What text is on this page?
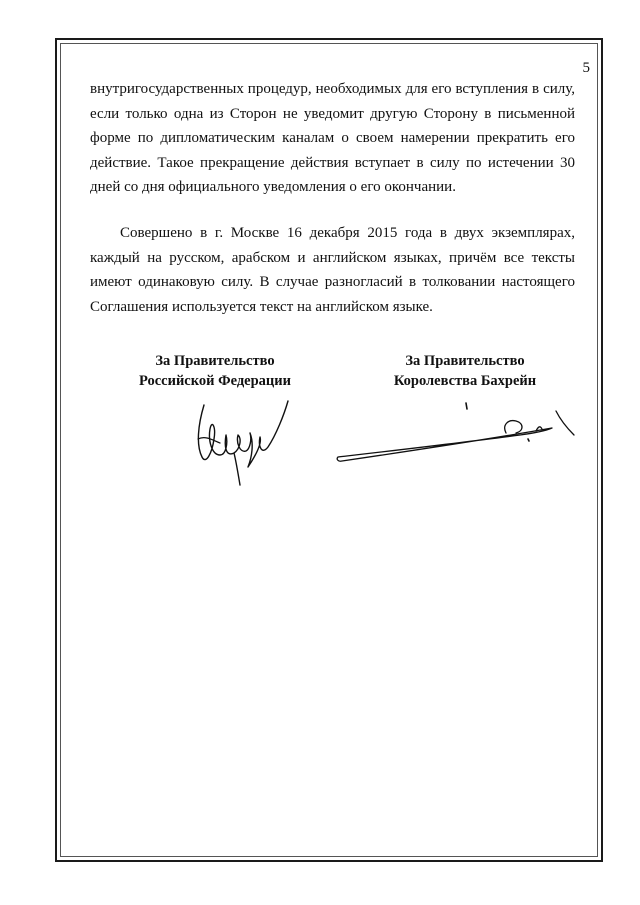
5
внутригосударственных процедур, необходимых для его вступления в силу, если только одна из Сторон не уведомит другую Сторону в письменной форме по дипломатическим каналам о своем намерении прекратить его действие. Такое прекращение действия вступает в силу по истечении 30 дней со дня официального уведомления о его окончании.
Совершено в г. Москве 16 декабря 2015 года в двух экземплярах, каждый на русском, арабском и английском языках, причём все тексты имеют одинаковую силу. В случае разногласий в толковании настоящего Соглашения используется текст на английском языке.
За Правительство
Российской Федерации
За Правительство
Королевства Бахрейн
